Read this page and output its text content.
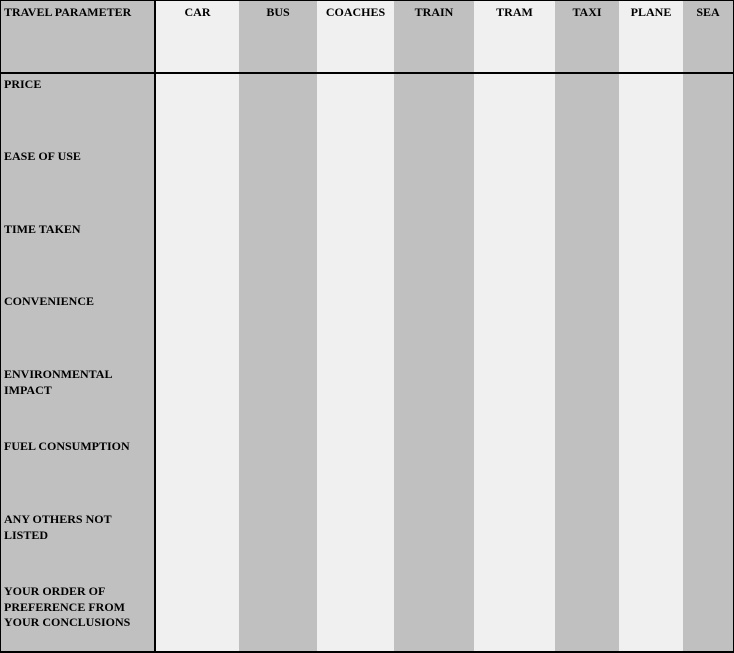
TRAVEL PARAMETER	CAR	BUS	COACHES	TRAIN	TRAM	TAXI	PLANE	SEA
PRICE
EASE OF USE
TIME TAKEN
CONVENIENCE
ENVIRONMENTAL IMPACT
FUEL CONSUMPTION
ANY OTHERS NOT LISTED
YOUR ORDER OF PREFERENCE FROM YOUR CONCLUSIONS
